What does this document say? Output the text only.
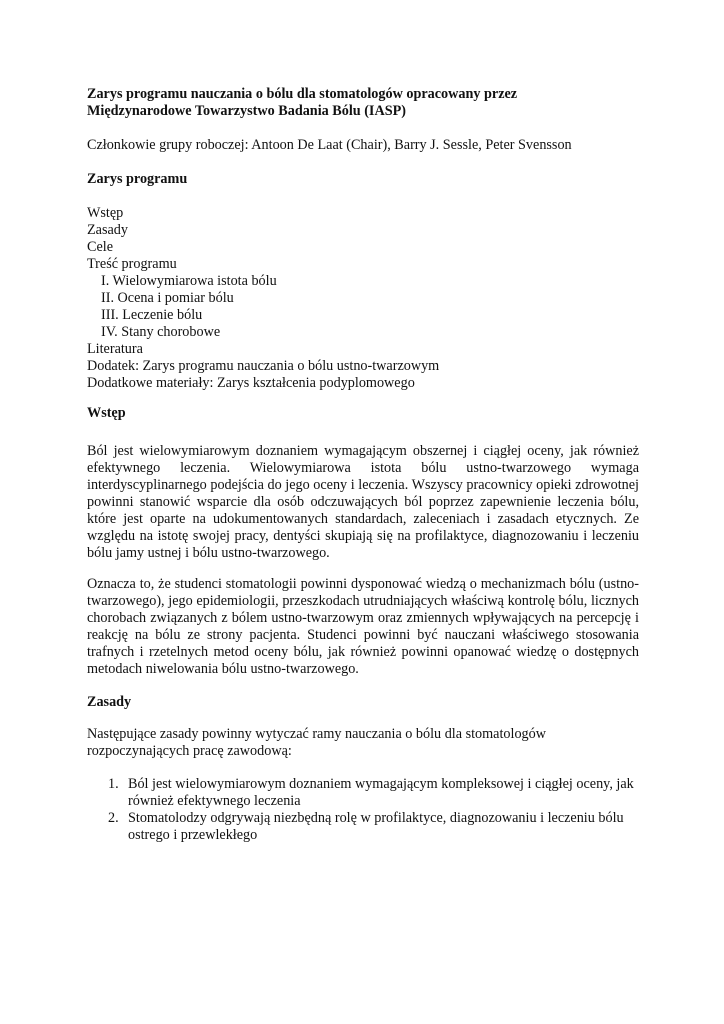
Zarys programu nauczania o bólu dla stomatologów opracowany przez
Międzynarodowe Towarzystwo Badania Bólu (IASP)
Członkowie grupy roboczej: Antoon De Laat (Chair), Barry J. Sessle, Peter Svensson
Zarys programu
Wstęp
Zasady
Cele
Treść programu
I. Wielowymiarowa istota bólu
II. Ocena i pomiar bólu
III. Leczenie bólu
IV. Stany chorobowe
Literatura
Dodatek: Zarys programu nauczania o bólu ustno-twarzowym
Dodatkowe materiały: Zarys kształcenia podyplomowego
Wstęp
Ból jest wielowymiarowym doznaniem wymagającym obszernej i ciągłej oceny, jak również efektywnego leczenia. Wielowymiarowa istota bólu ustno-twarzowego wymaga interdyscyplinarnego podejścia do jego oceny i leczenia. Wszyscy pracownicy opieki zdrowotnej powinni stanowić wsparcie dla osób odczuwających ból poprzez zapewnienie leczenia bólu, które jest oparte na udokumentowanych standardach, zaleceniach i zasadach etycznych. Ze względu na istotę swojej pracy, dentyści skupiają się na profilaktyce, diagnozowaniu i leczeniu bólu jamy ustnej i bólu ustno-twarzowego.
Oznacza to, że studenci stomatologii powinni dysponować wiedzą o mechanizmach bólu (ustno-twarzowego), jego epidemiologii, przeszkodach utrudniających właściwą kontrolę bólu, licznych chorobach związanych z bólem ustno-twarzowym oraz zmiennych wpływających na percepcję i reakcję na bólu ze strony pacjenta. Studenci powinni być nauczani właściwego stosowania trafnych i rzetelnych metod oceny bólu, jak również powinni opanować wiedzę o dostępnych metodach niwelowania bólu ustno-twarzowego.
Zasady
Następujące zasady powinny wytyczać ramy nauczania o bólu dla stomatologów rozpoczynających pracę zawodową:
1. Ból jest wielowymiarowym doznaniem wymagającym kompleksowej i ciągłej oceny, jak również efektywnego leczenia
2. Stomatolodzy odgrywają niezbędną rolę w profilaktyce, diagnozowaniu i leczeniu bólu ostrego i przewlekłego
